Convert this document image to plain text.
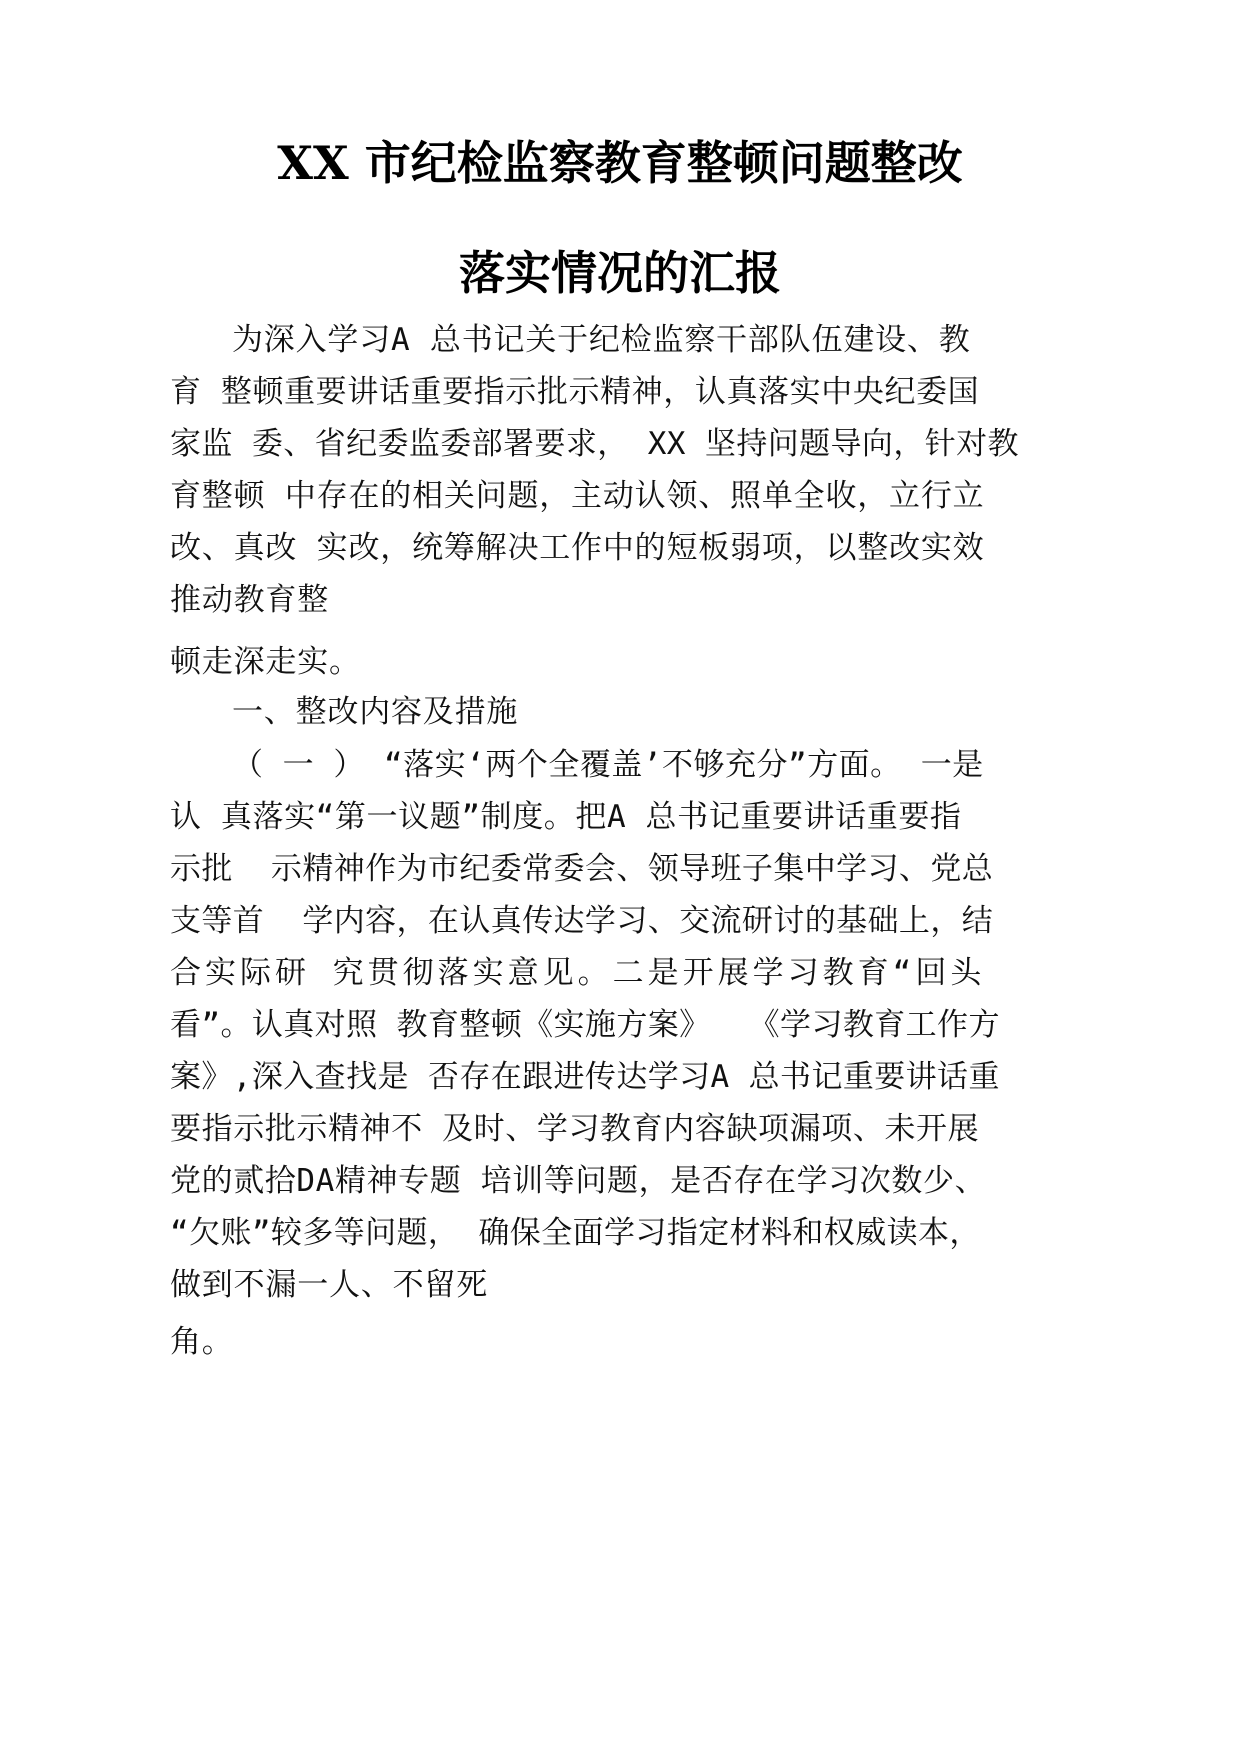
XX 市纪检监察教育整顿问题整改
落实情况的汇报
为深入学习A 总书记关于纪检监察干部队伍建设、教
育 整顿重要讲话重要指示批示精神，认真落实中央纪委国
家监 委、省纪委监委部署要求， XX 坚持问题导向，针对教
育整顿 中存在的相关问题，主动认领、照单全收，立行立
改、真改 实改，统筹解决工作中的短板弱项，以整改实效
推动教育整
顿走深走实。
一、整改内容及措施
（ 一 ） “落实‘两个全覆盖’不够充分”方面。 一是
认 真落实“第一议题”制度。把A 总书记重要讲话重要指
示批  示精神作为市纪委常委会、领导班子集中学习、党总
支等首  学内容，在认真传达学习、交流研讨的基础上，结
合实际研 究贯彻落实意见。二是开展学习教育“回头
看”。认真对照 教育整顿《实施方案》  《学习教育工作方
案》,深入查找是 否存在跟进传达学习A 总书记重要讲话重
要指示批示精神不 及时、学习教育内容缺项漏项、未开展
党的贰拾DA精神专题 培训等问题，是否存在学习次数少、
“欠账”较多等问题， 确保全面学习指定材料和权威读本，
做到不漏一人、不留死
角。
